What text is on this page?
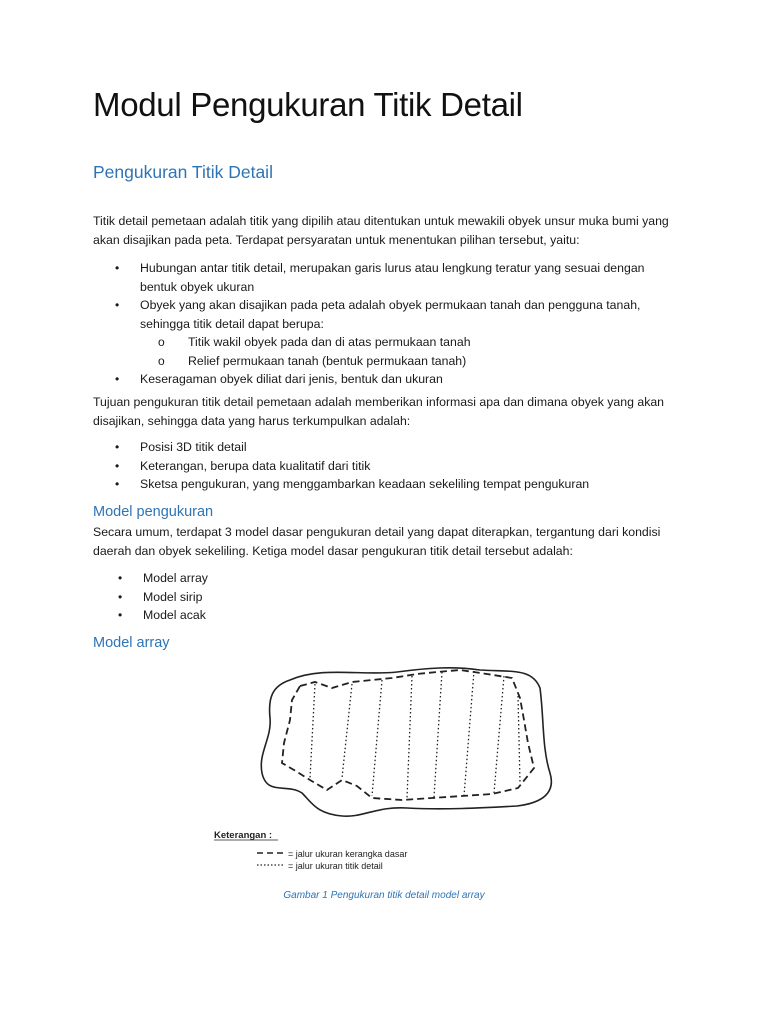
Modul Pengukuran Titik Detail
Pengukuran Titik Detail

Titik detail pemetaan adalah titik yang dipilih atau ditentukan untuk mewakili obyek unsur muka bumi yang akan disajikan pada peta. Terdapat persyaratan untuk menentukan pilihan tersebut, yaitu:

• Hubungan antar titik detail, merupakan garis lurus atau lengkung teratur yang sesuai dengan bentuk obyek ukuran
• Obyek yang akan disajikan pada peta adalah obyek permukaan tanah dan pengguna tanah, sehingga titik detail dapat berupa:
o Titik wakil obyek pada dan di atas permukaan tanah
o Relief permukaan tanah (bentuk permukaan tanah)
• Keseragaman obyek diliat dari jenis, bentuk dan ukuran

Tujuan pengukuran titik detail pemetaan adalah memberikan informasi apa dan dimana obyek yang akan disajikan, sehingga data yang harus terkumpulkan adalah:

• Posisi 3D titik detail
• Keterangan, berupa data kualitatif dari titik
• Sketsa pengukuran, yang menggambarkan keadaan sekeliling tempat pengukuran
Model pengukuran

Secara umum, terdapat 3 model dasar pengukuran detail yang dapat diterapkan, tergantung dari kondisi daerah dan obyek sekeliling. Ketiga model dasar pengukuran titik detail tersebut adalah:

• Model array
• Model sirip
• Model acak
Model array
Keterangan :
= jalur ukuran kerangka dasar
= jalur ukuran titik detail
Gambar 1 Pengukuran titik detail model array
